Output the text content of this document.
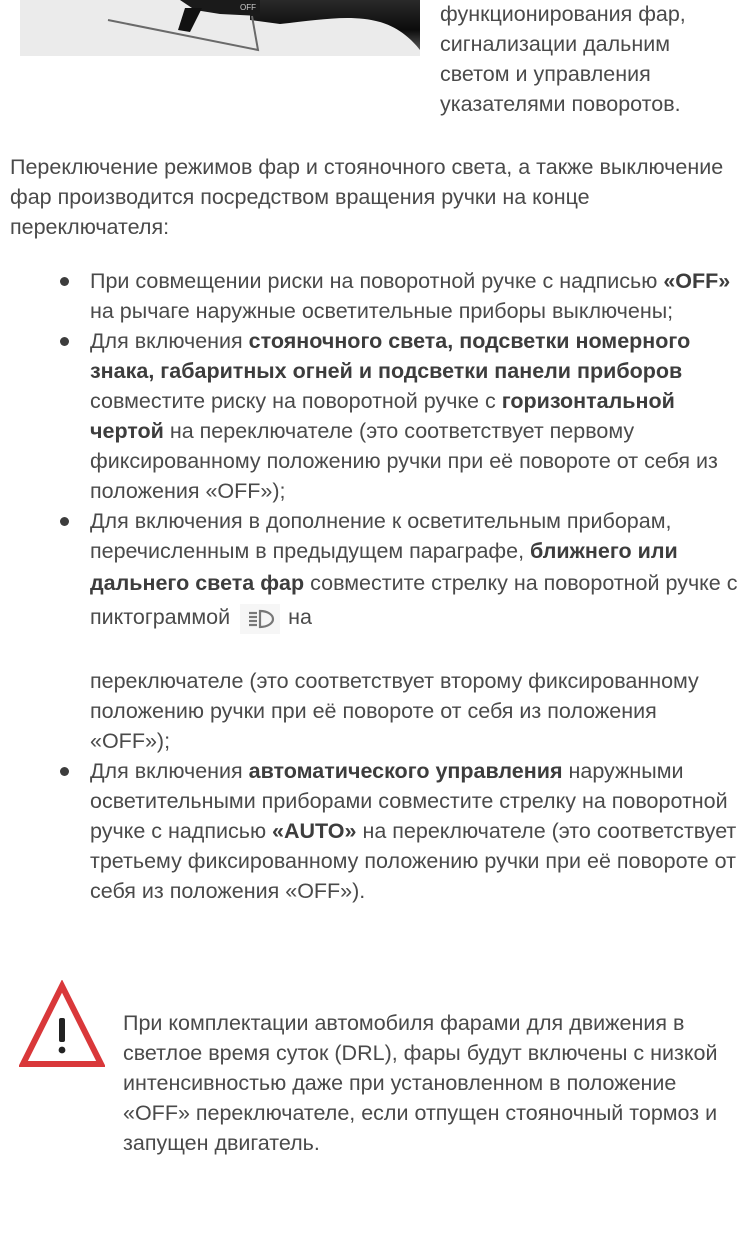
OFF	функционирования фар, сигнализации дальним светом и управления указателями поворотов.

Переключение режимов фар и стояночного света, а также выключение фар производится посредством вращения ручки на конце переключателя:

При совмещении риски на поворотной ручке с надписью «OFF» на рычаге наружные осветительные приборы выключены;
Для включения стояночного света, подсветки номерного знака, габаритных огней и подсветки панели приборов совместите риску на поворотной ручке с горизонтальной чертой на переключателе (это соответствует первому фиксированному положению ручки при её повороте от себя из положения «OFF»);
Для включения в дополнение к осветительным приборам, перечисленным в предыдущем параграфе, ближнего или дальнего света фар совместите стрелку на поворотной ручке с пиктограммой	на
переключателе (это соответствует второму фиксированному положению ручки при её повороте от себя из положения «OFF»);
Для включения автоматического управления наружными осветительными приборами совместите стрелку на поворотной ручке с надписью «AUTO» на переключателе (это соответствует третьему фиксированному положению ручки при её повороте от себя из положения «OFF»).
При комплектации автомобиля фарами для движения в светлое время суток (DRL), фары будут включены с низкой интенсивностью даже при установленном в положение «OFF» переключателе, если отпущен стояночный тормоз и запущен двигатель.
